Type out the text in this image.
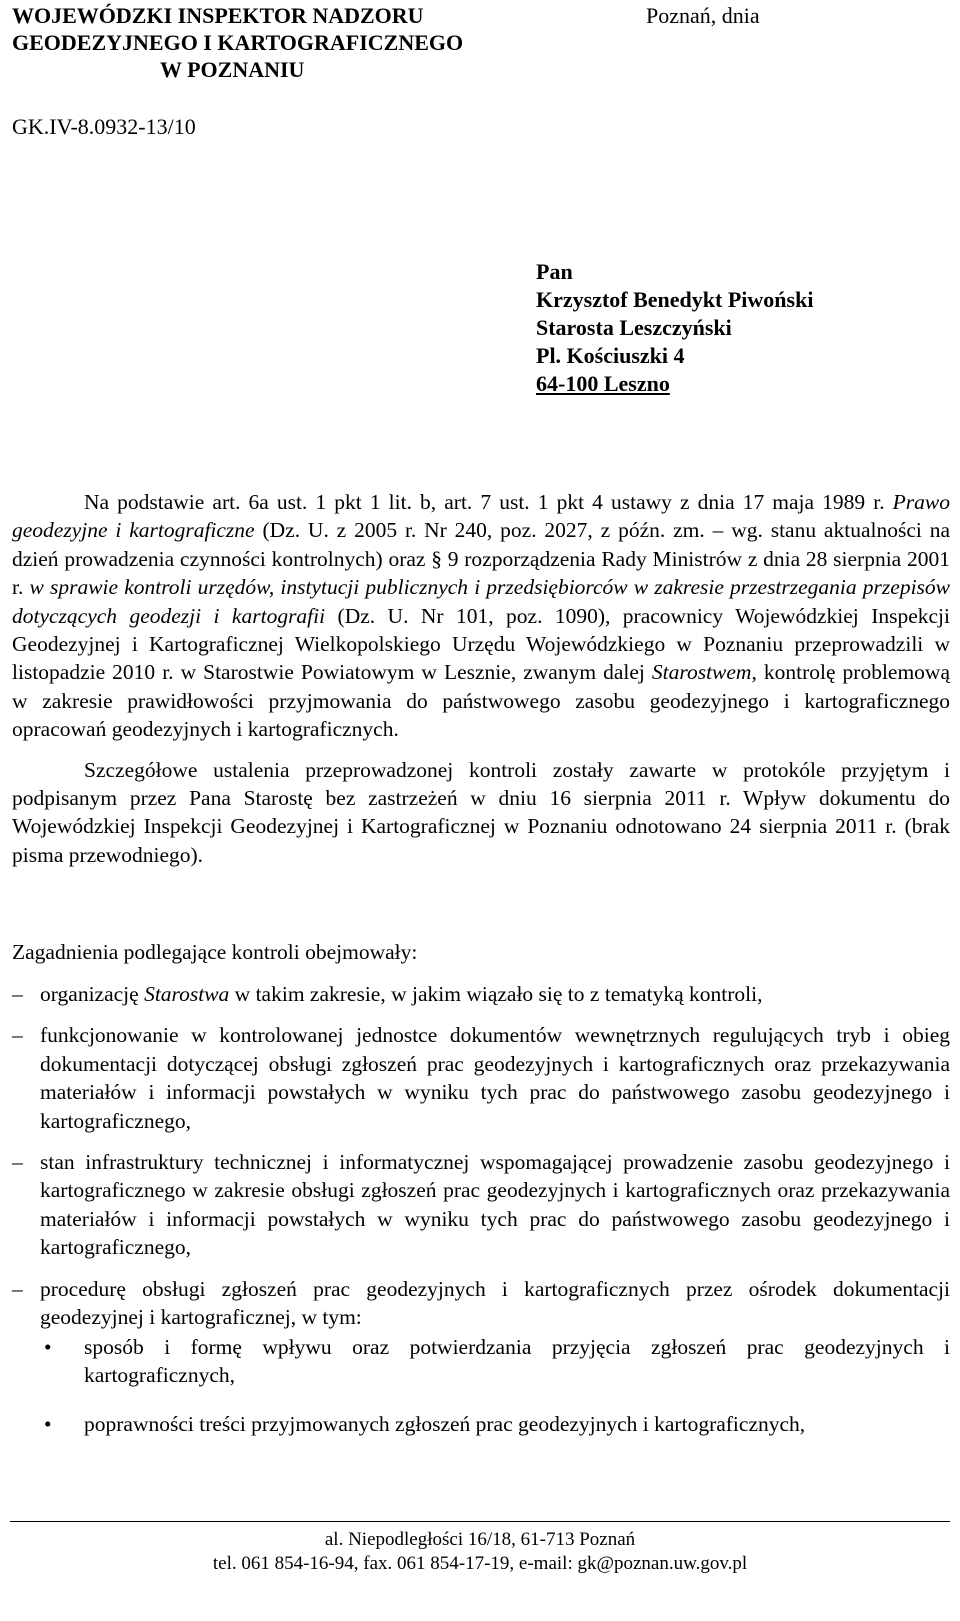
WOJEWÓDZKI INSPEKTOR NADZORU
GEODEZYJNEGO I KARTOGRAFICZNEGO
W POZNANIU
Poznań, dnia
GK.IV-8.0932-13/10
Pan
Krzysztof Benedykt Piwoński
Starosta Leszczyński
Pl. Kościuszki 4
64-100 Leszno

Na podstawie art. 6a ust. 1 pkt 1 lit. b, art. 7 ust. 1 pkt 4 ustawy z dnia 17 maja 1989 r. Prawo geodezyjne i kartograficzne (Dz. U. z 2005 r. Nr 240, poz. 2027, z późn. zm. – wg. stanu aktualności na dzień prowadzenia czynności kontrolnych) oraz § 9 rozporządzenia Rady Ministrów z dnia 28 sierpnia 2001 r. w sprawie kontroli urzędów, instytucji publicznych i przedsiębiorców w zakresie przestrzegania przepisów dotyczących geodezji i kartografii (Dz. U. Nr 101, poz. 1090), pracownicy Wojewódzkiej Inspekcji Geodezyjnej i Kartograficznej Wielkopolskiego Urzędu Wojewódzkiego w Poznaniu przeprowadzili w listopadzie 2010 r. w Starostwie Powiatowym w Lesznie, zwanym dalej Starostwem, kontrolę problemową w zakresie prawidłowości przyjmowania do państwowego zasobu geodezyjnego i kartograficznego opracowań geodezyjnych i kartograficznych.

Szczegółowe ustalenia przeprowadzonej kontroli zostały zawarte w protokóle przyjętym i podpisanym przez Pana Starostę bez zastrzeżeń w dniu 16 sierpnia 2011 r. Wpływ dokumentu do Wojewódzkiej Inspekcji Geodezyjnej i Kartograficznej w Poznaniu odnotowano 24 sierpnia 2011 r. (brak pisma przewodniego).

Zagadnienia podlegające kontroli obejmowały:
– organizację Starostwa w takim zakresie, w jakim wiązało się to z tematyką kontroli,
– funkcjonowanie w kontrolowanej jednostce dokumentów wewnętrznych regulujących tryb i obieg dokumentacji dotyczącej obsługi zgłoszeń prac geodezyjnych i kartograficznych oraz przekazywania materiałów i informacji powstałych w wyniku tych prac do państwowego zasobu geodezyjnego i kartograficznego,
– stan infrastruktury technicznej i informatycznej wspomagającej prowadzenie zasobu geodezyjnego i kartograficznego w zakresie obsługi zgłoszeń prac geodezyjnych i kartograficznych oraz przekazywania materiałów i informacji powstałych w wyniku tych prac do państwowego zasobu geodezyjnego i kartograficznego,
– procedurę obsługi zgłoszeń prac geodezyjnych i kartograficznych przez ośrodek dokumentacji geodezyjnej i kartograficznej, w tym:
• sposób i formę wpływu oraz potwierdzania przyjęcia zgłoszeń prac geodezyjnych i kartograficznych,
• poprawności treści przyjmowanych zgłoszeń prac geodezyjnych i kartograficznych,
al. Niepodległości 16/18, 61-713 Poznań
tel. 061 854-16-94, fax. 061 854-17-19, e-mail: gk@poznan.uw.gov.pl
